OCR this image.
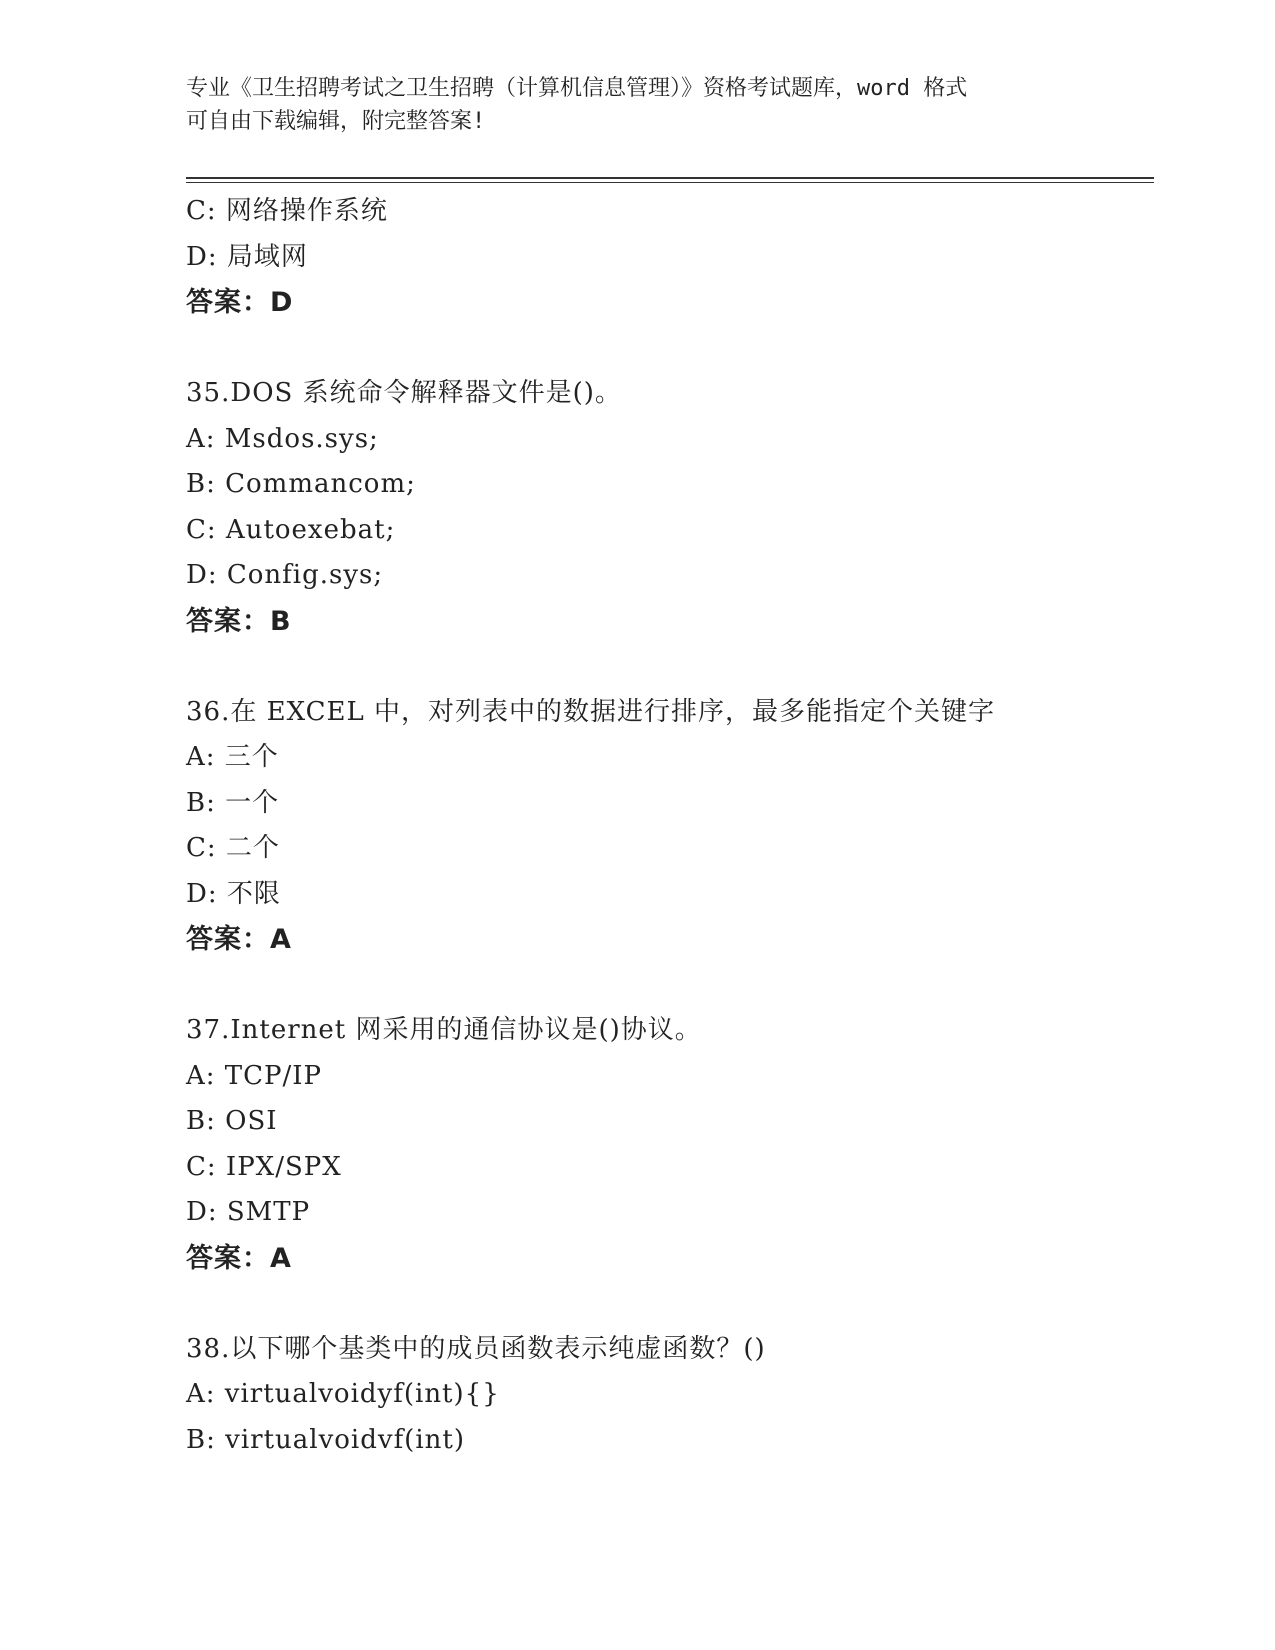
专业《卫生招聘考试之卫生招聘（计算机信息管理）》资格考试题库，word 格式
可自由下载编辑，附完整答案!
C: 网络操作系统
D: 局域网
答案：D
35.DOS 系统命令解释器文件是()。
A: Msdos.sys;
B: Commancom;
C: Autoexebat;
D: Config.sys;
答案：B
36.在 EXCEL 中，对列表中的数据进行排序，最多能指定个关键字
A: 三个
B: 一个
C: 二个
D: 不限
答案：A
37.Internet 网采用的通信协议是()协议。
A: TCP/IP
B: OSI
C: IPX/SPX
D: SMTP
答案：A
38.以下哪个基类中的成员函数表示纯虚函数？()
A: virtualvoidyf(int){}
B: virtualvoidvf(int)
